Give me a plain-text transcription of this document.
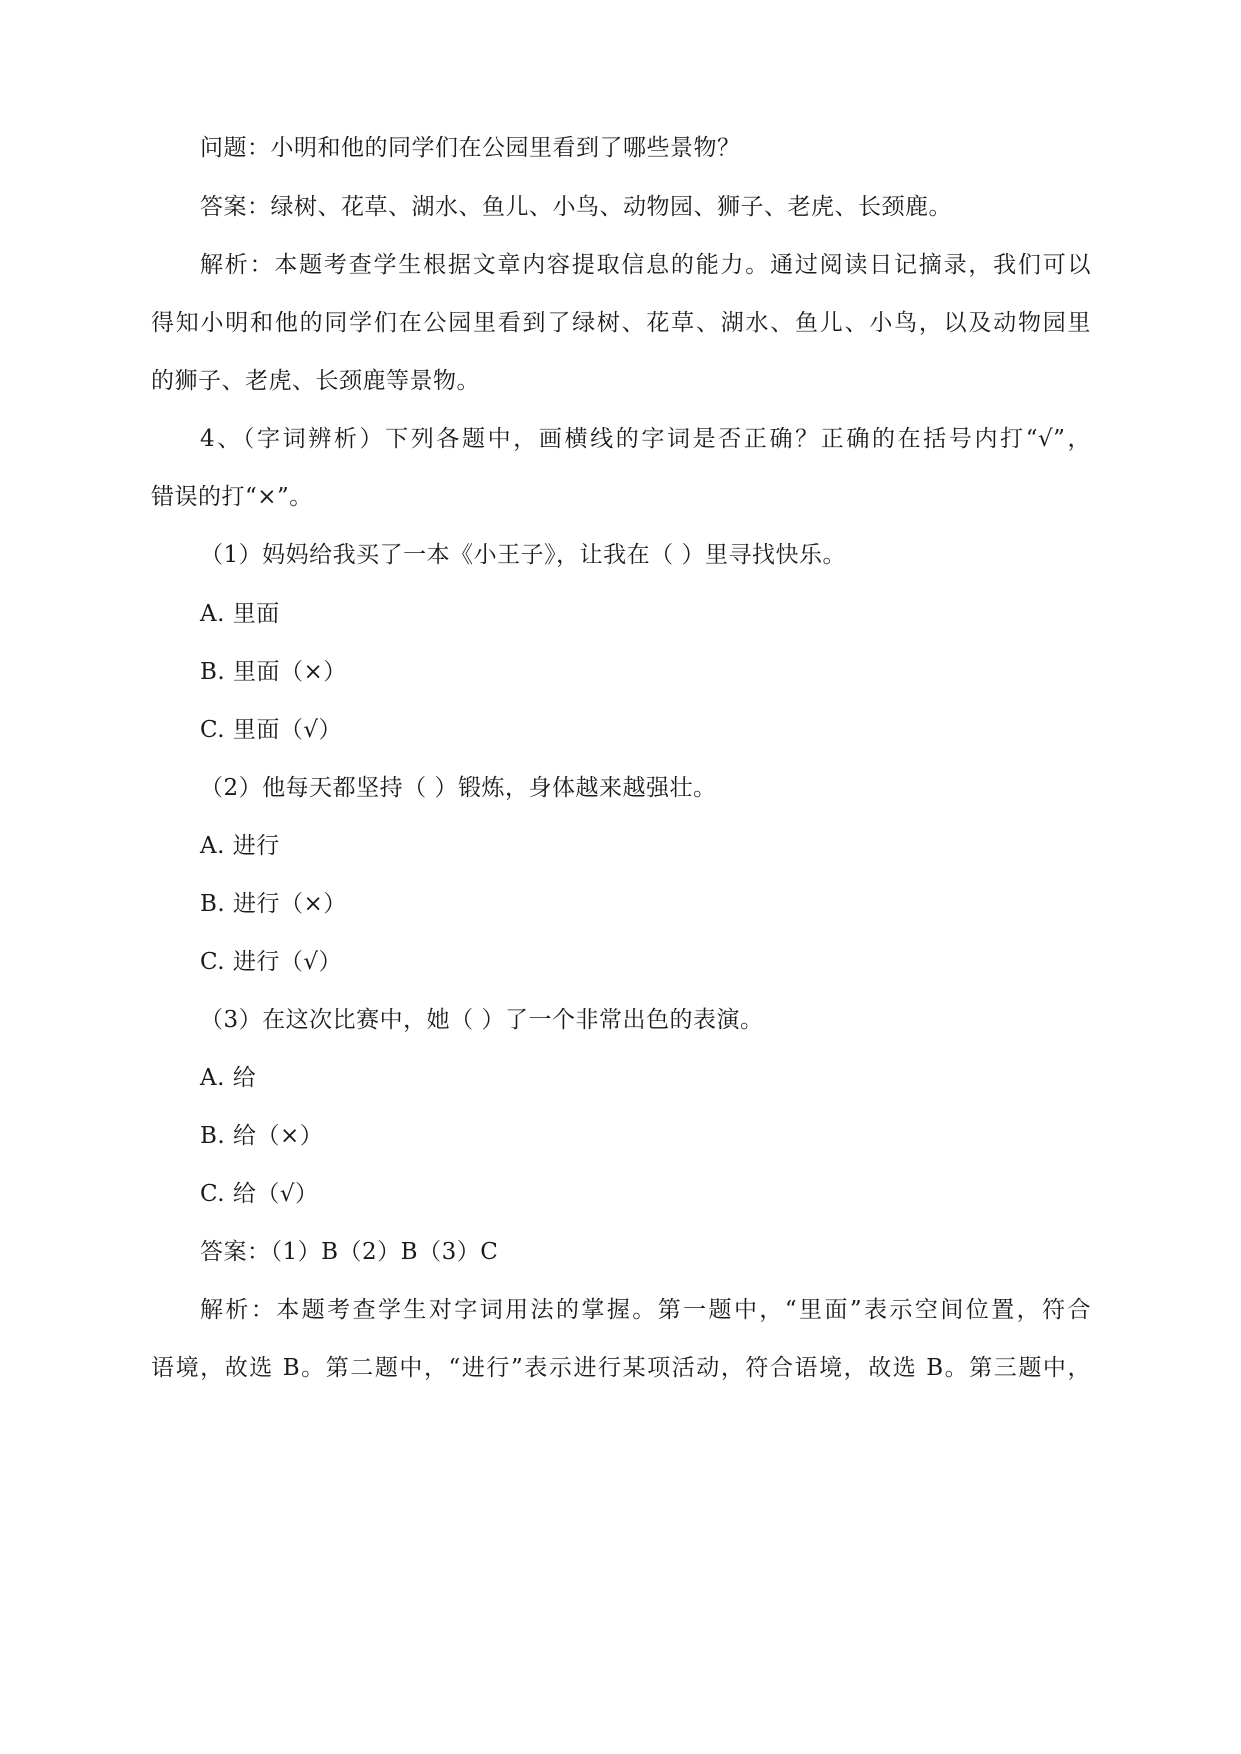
问题：小明和他的同学们在公园里看到了哪些景物？
答案：绿树、花草、湖水、鱼儿、小鸟、动物园、狮子、老虎、长颈鹿。
解析：本题考查学生根据文章内容提取信息的能力。通过阅读日记摘录，我们可以
得知小明和他的同学们在公园里看到了绿树、花草、湖水、鱼儿、小鸟，以及动物园里
的狮子、老虎、长颈鹿等景物。
4、（字词辨析）下列各题中，画横线的字词是否正确？正确的在括号内打“√”，
错误的打“×”。
（1）妈妈给我买了一本《小王子》，让我在（ ）里寻找快乐。
A. 里面
B. 里面（×）
C. 里面（√）
（2）他每天都坚持（ ）锻炼，身体越来越强壮。
A. 进行
B. 进行（×）
C. 进行（√）
（3）在这次比赛中，她（ ）了一个非常出色的表演。
A. 给
B. 给（×）
C. 给（√）
答案：（1）B（2）B（3）C
解析：本题考查学生对字词用法的掌握。第一题中，“里面”表示空间位置，符合
语境，故选 B。第二题中，“进行”表示进行某项活动，符合语境，故选 B。第三题中，
